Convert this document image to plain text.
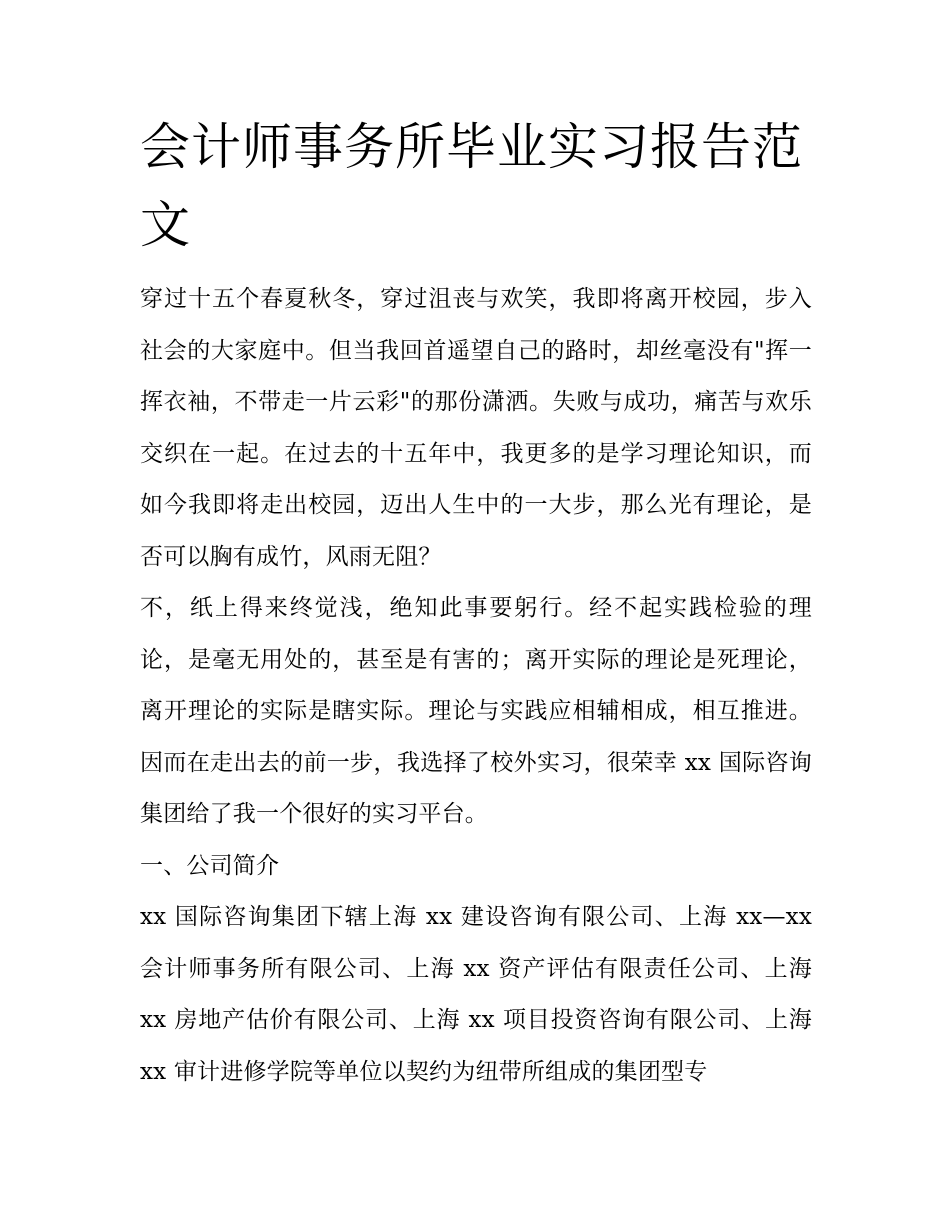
会计师事务所毕业实习报告范文

穿过十五个春夏秋冬，穿过沮丧与欢笑，我即将离开校园，步入社会的大家庭中。但当我回首遥望自己的路时，却丝毫没有"挥一挥衣袖，不带走一片云彩"的那份潇洒。失败与成功，痛苦与欢乐交织在一起。在过去的十五年中，我更多的是学习理论知识，而如今我即将走出校园，迈出人生中的一大步，那么光有理论，是否可以胸有成竹，风雨无阻？

不，纸上得来终觉浅，绝知此事要躬行。经不起实践检验的理论，是毫无用处的，甚至是有害的；离开实际的理论是死理论，离开理论的实际是瞎实际。理论与实践应相辅相成，相互推进。因而在走出去的前一步，我选择了校外实习，很荣幸 xx 国际咨询集团给了我一个很好的实习平台。

一、公司简介

xx 国际咨询集团下辖上海 xx 建设咨询有限公司、上海 xx—xx 会计师事务所有限公司、上海 xx 资产评估有限责任公司、上海 xx 房地产估价有限公司、上海 xx 项目投资咨询有限公司、上海 xx 审计进修学院等单位以契约为纽带所组成的集团型专
